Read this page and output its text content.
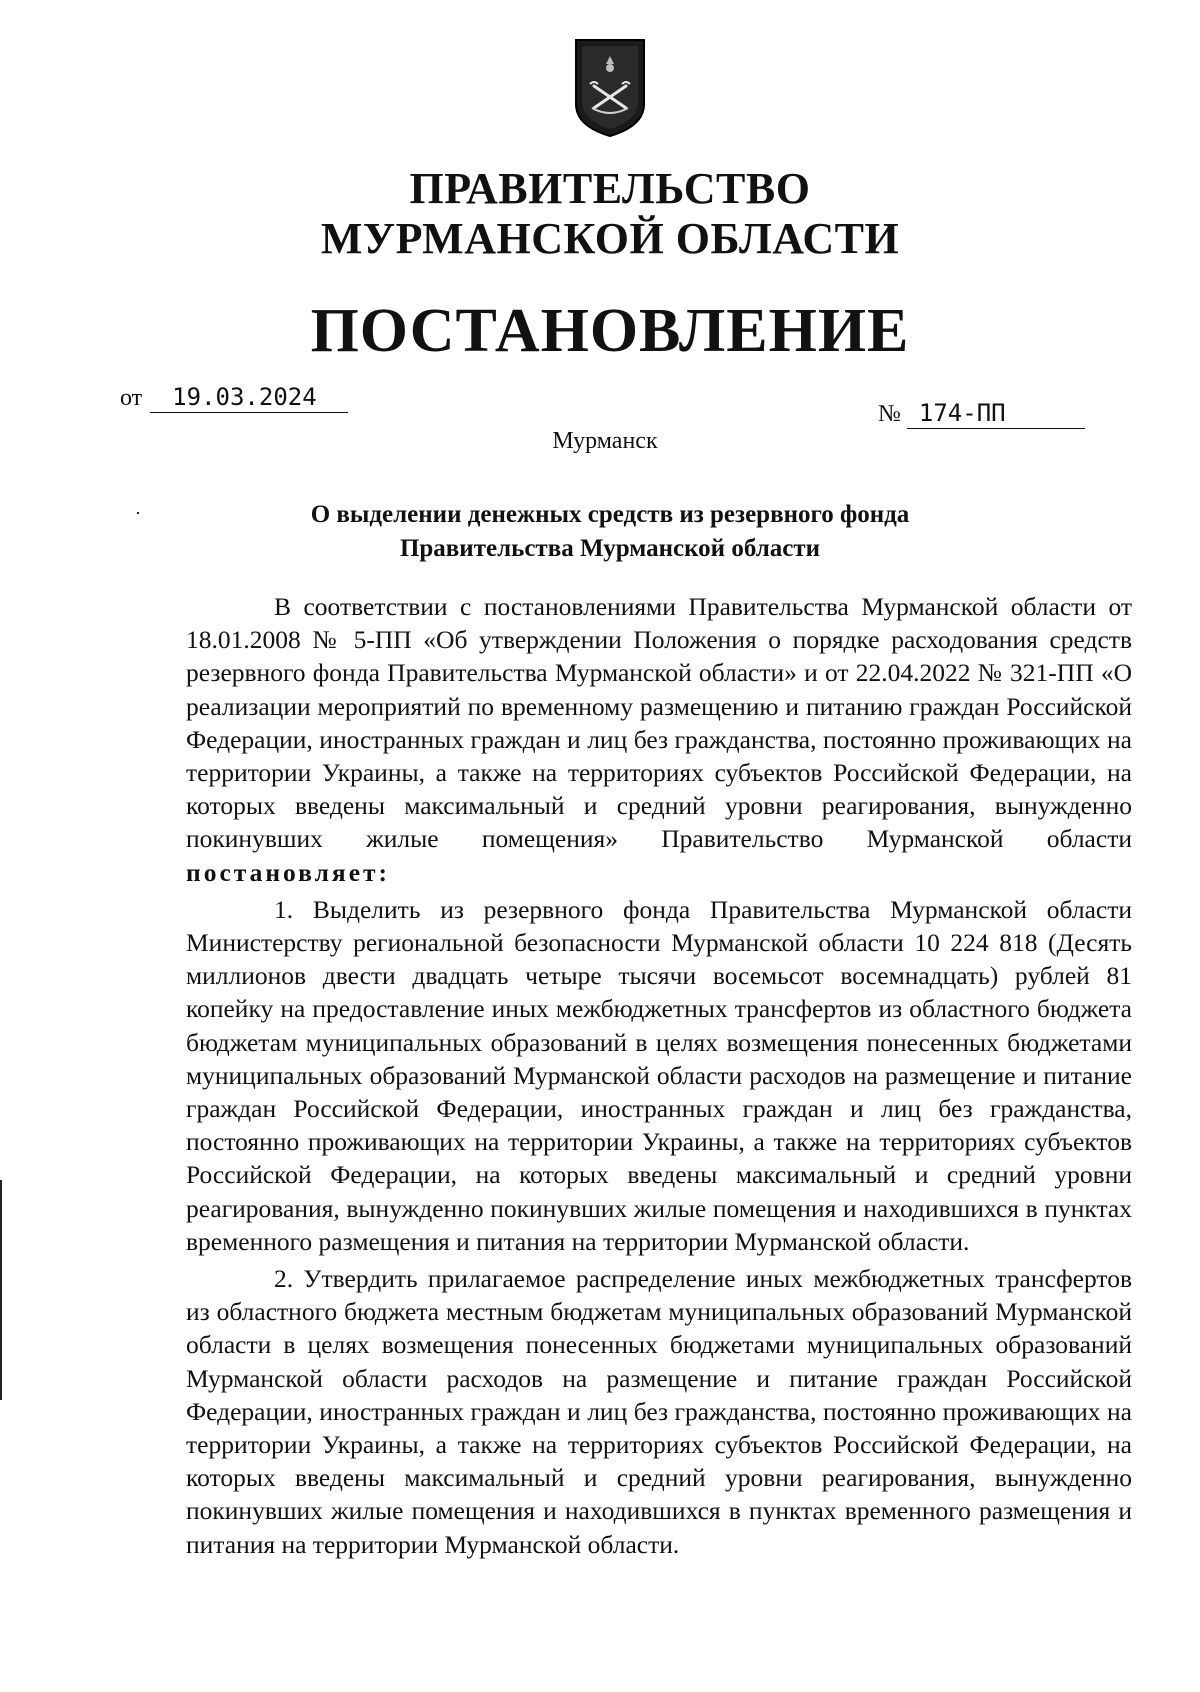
ПРАВИТЕЛЬСТВО
МУРМАНСКОЙ ОБЛАСТИ
ПОСТАНОВЛЕНИЕ
от 19.03.2024
№ 174-ПП
Мурманск
О выделении денежных средств из резервного фонда
Правительства Мурманской области

В соответствии с постановлениями Правительства Мурманской области от 18.01.2008 № 5-ПП «Об утверждении Положения о порядке расходования средств резервного фонда Правительства Мурманской области» и от 22.04.2022 № 321-ПП «О реализации мероприятий по временному размещению и питанию граждан Российской Федерации, иностранных граждан и лиц без гражданства, постоянно проживающих на территории Украины, а также на территориях субъектов Российской Федерации, на которых введены максимальный и средний уровни реагирования, вынужденно покинувших жилые помещения» Правительство Мурманской области постановляет:

1. Выделить из резервного фонда Правительства Мурманской области Министерству региональной безопасности Мурманской области 10 224 818 (Десять миллионов двести двадцать четыре тысячи восемьсот восемнадцать) рублей 81 копейку на предоставление иных межбюджетных трансфертов из областного бюджета бюджетам муниципальных образований в целях возмещения понесенных бюджетами муниципальных образований Мурманской области расходов на размещение и питание граждан Российской Федерации, иностранных граждан и лиц без гражданства, постоянно проживающих на территории Украины, а также на территориях субъектов Российской Федерации, на которых введены максимальный и средний уровни реагирования, вынужденно покинувших жилые помещения и находившихся в пунктах временного размещения и питания на территории Мурманской области.

2. Утвердить прилагаемое распределение иных межбюджетных трансфертов из областного бюджета местным бюджетам муниципальных образований Мурманской области в целях возмещения понесенных бюджетами муниципальных образований Мурманской области расходов на размещение и питание граждан Российской Федерации, иностранных граждан и лиц без гражданства, постоянно проживающих на территории Украины, а также на территориях субъектов Российской Федерации, на которых введены максимальный и средний уровни реагирования, вынужденно покинувших жилые помещения и находившихся в пунктах временного размещения и питания на территории Мурманской области.
